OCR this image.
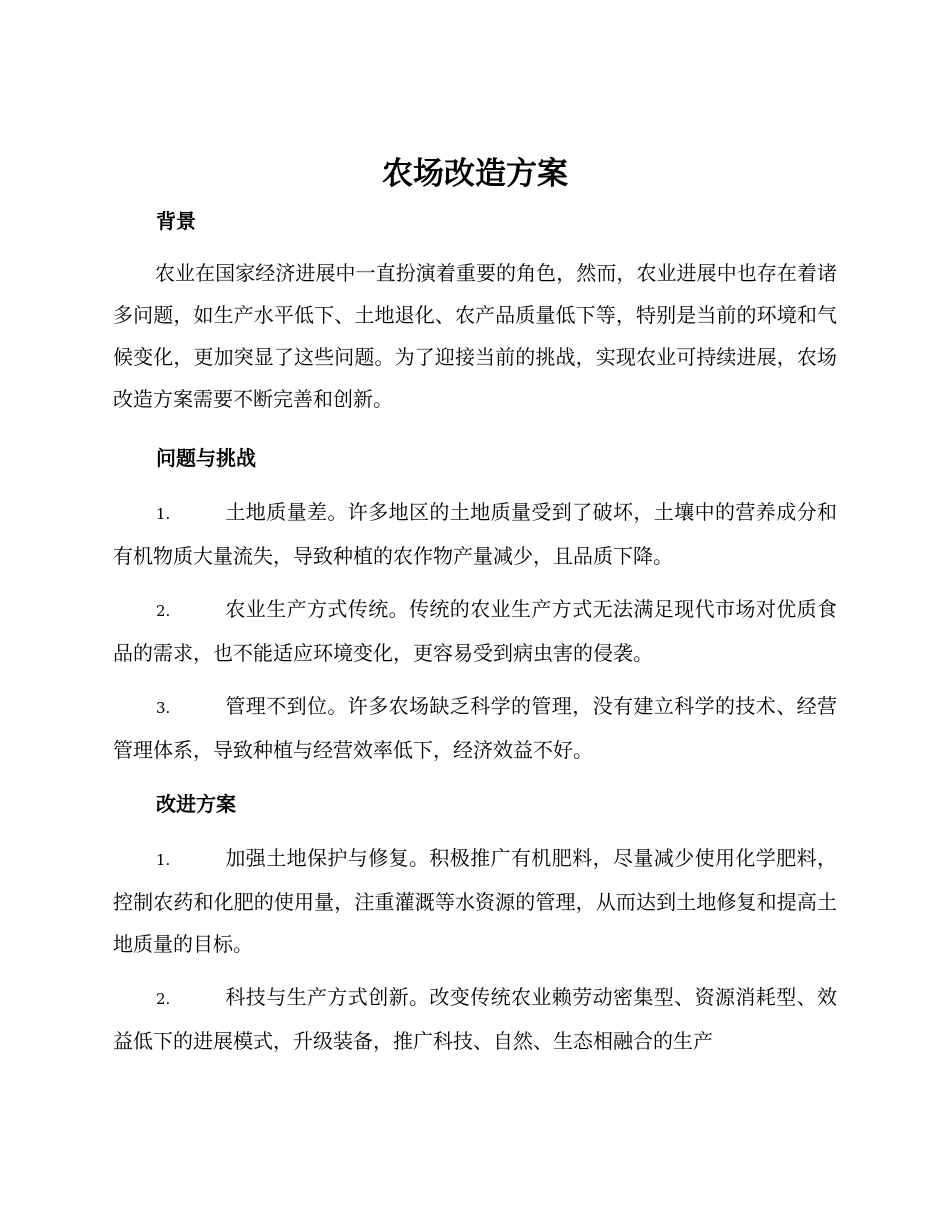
农场改造方案
背景

农业在国家经济进展中一直扮演着重要的角色，然而，农业进展中也存在着诸多问题，如生产水平低下、土地退化、农产品质量低下等，特别是当前的环境和气候变化，更加突显了这些问题。为了迎接当前的挑战，实现农业可持续进展，农场改造方案需要不断完善和创新。

问题与挑战

1.	土地质量差。许多地区的土地质量受到了破坏，土壤中的营养成分和有机物质大量流失，导致种植的农作物产量减少，且品质下降。

2.	农业生产方式传统。传统的农业生产方式无法满足现代市场对优质食品的需求，也不能适应环境变化，更容易受到病虫害的侵袭。

3.	管理不到位。许多农场缺乏科学的管理，没有建立科学的技术、经营管理体系，导致种植与经营效率低下，经济效益不好。

改进方案

1.	加强土地保护与修复。积极推广有机肥料，尽量减少使用化学肥料，控制农药和化肥的使用量，注重灌溉等水资源的管理，从而达到土地修复和提高土地质量的目标。

2.	科技与生产方式创新。改变传统农业赖劳动密集型、资源消耗型、效益低下的进展模式，升级装备，推广科技、自然、生态相融合的生产
